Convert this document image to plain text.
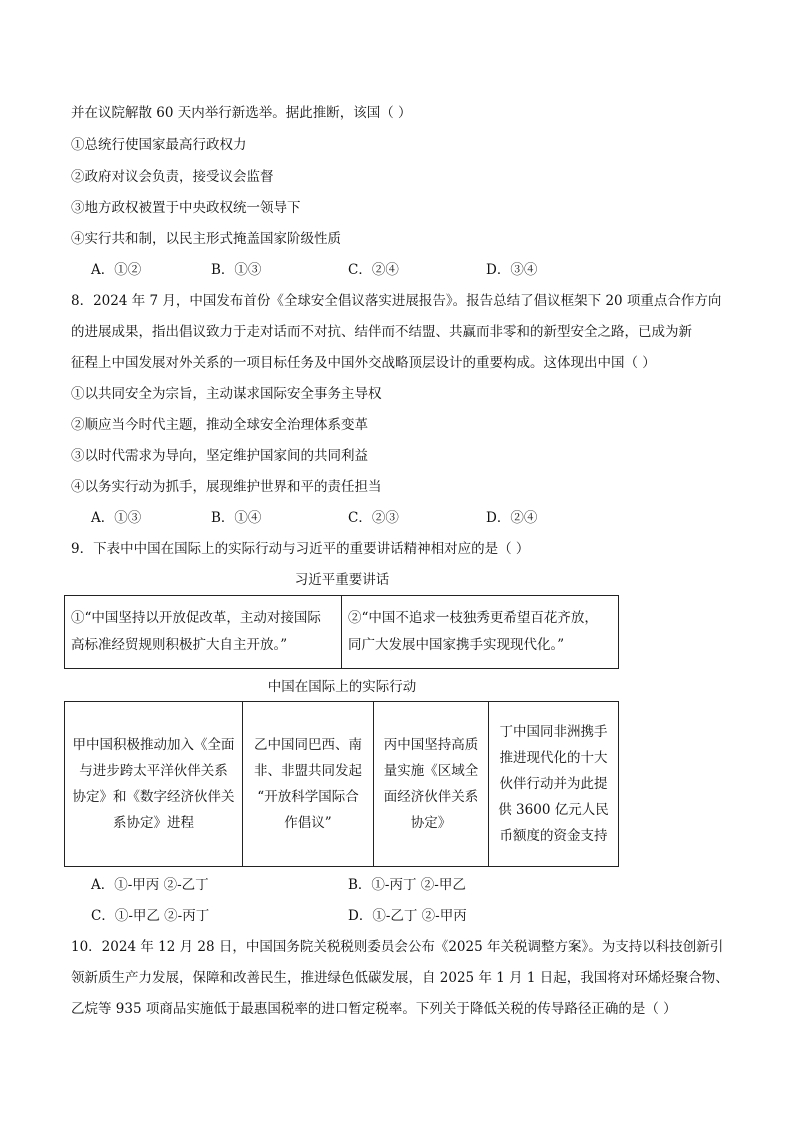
并在议院解散 60 天内举行新选举。据此推断，该国（ ）
①总统行使国家最高行政权力
②政府对议会负责，接受议会监督
③地方政权被置于中央政权统一领导下
④实行共和制，以民主形式掩盖国家阶级性质
A．①②	B．①③	C．②④	D．③④
8．2024 年 7 月，中国发布首份《全球安全倡议落实进展报告》。报告总结了倡议框架下 20 项重点合作方向
的进展成果，指出倡议致力于走对话而不对抗、结伴而不结盟、共赢而非零和的新型安全之路，已成为新
征程上中国发展对外关系的一项目标任务及中国外交战略顶层设计的重要构成。这体现出中国（ ）
①以共同安全为宗旨，主动谋求国际安全事务主导权
②顺应当今时代主题，推动全球安全治理体系变革
③以时代需求为导向，坚定维护国家间的共同利益
④以务实行动为抓手，展现维护世界和平的责任担当
A．①③	B．①④	C．②③	D．②④
9．下表中中国在国际上的实际行动与习近平的重要讲话精神相对应的是（ ）
习近平重要讲话
①“中国坚持以开放促改革，主动对接国际
高标准经贸规则积极扩大自主开放。”

②“中国不追求一枝独秀更希望百花齐放，
同广大发展中国家携手实现现代化。”
中国在国际上的实际行动
甲中国积极推动加入《全面
与进步跨太平洋伙伴关系
协定》和《数字经济伙伴关
系协定》进程

乙中国同巴西、南
非、非盟共同发起
“开放科学国际合
作倡议”

丙中国坚持高质
量实施《区域全
面经济伙伴关系
协定》

丁中国同非洲携手
推进现代化的十大
伙伴行动并为此提
供 3600 亿元人民
币额度的资金支持
A．①-甲丙 ②-乙丁	B．①-丙丁 ②-甲乙
C．①-甲乙 ②-丙丁	D．①-乙丁 ②-甲丙
10．2024 年 12 月 28 日，中国国务院关税税则委员会公布《2025 年关税调整方案》。为支持以科技创新引
领新质生产力发展，保障和改善民生，推进绿色低碳发展，自 2025 年 1 月 1 日起，我国将对环烯烃聚合物、
乙烷等 935 项商品实施低于最惠国税率的进口暂定税率。下列关于降低关税的传导路径正确的是（ ）
